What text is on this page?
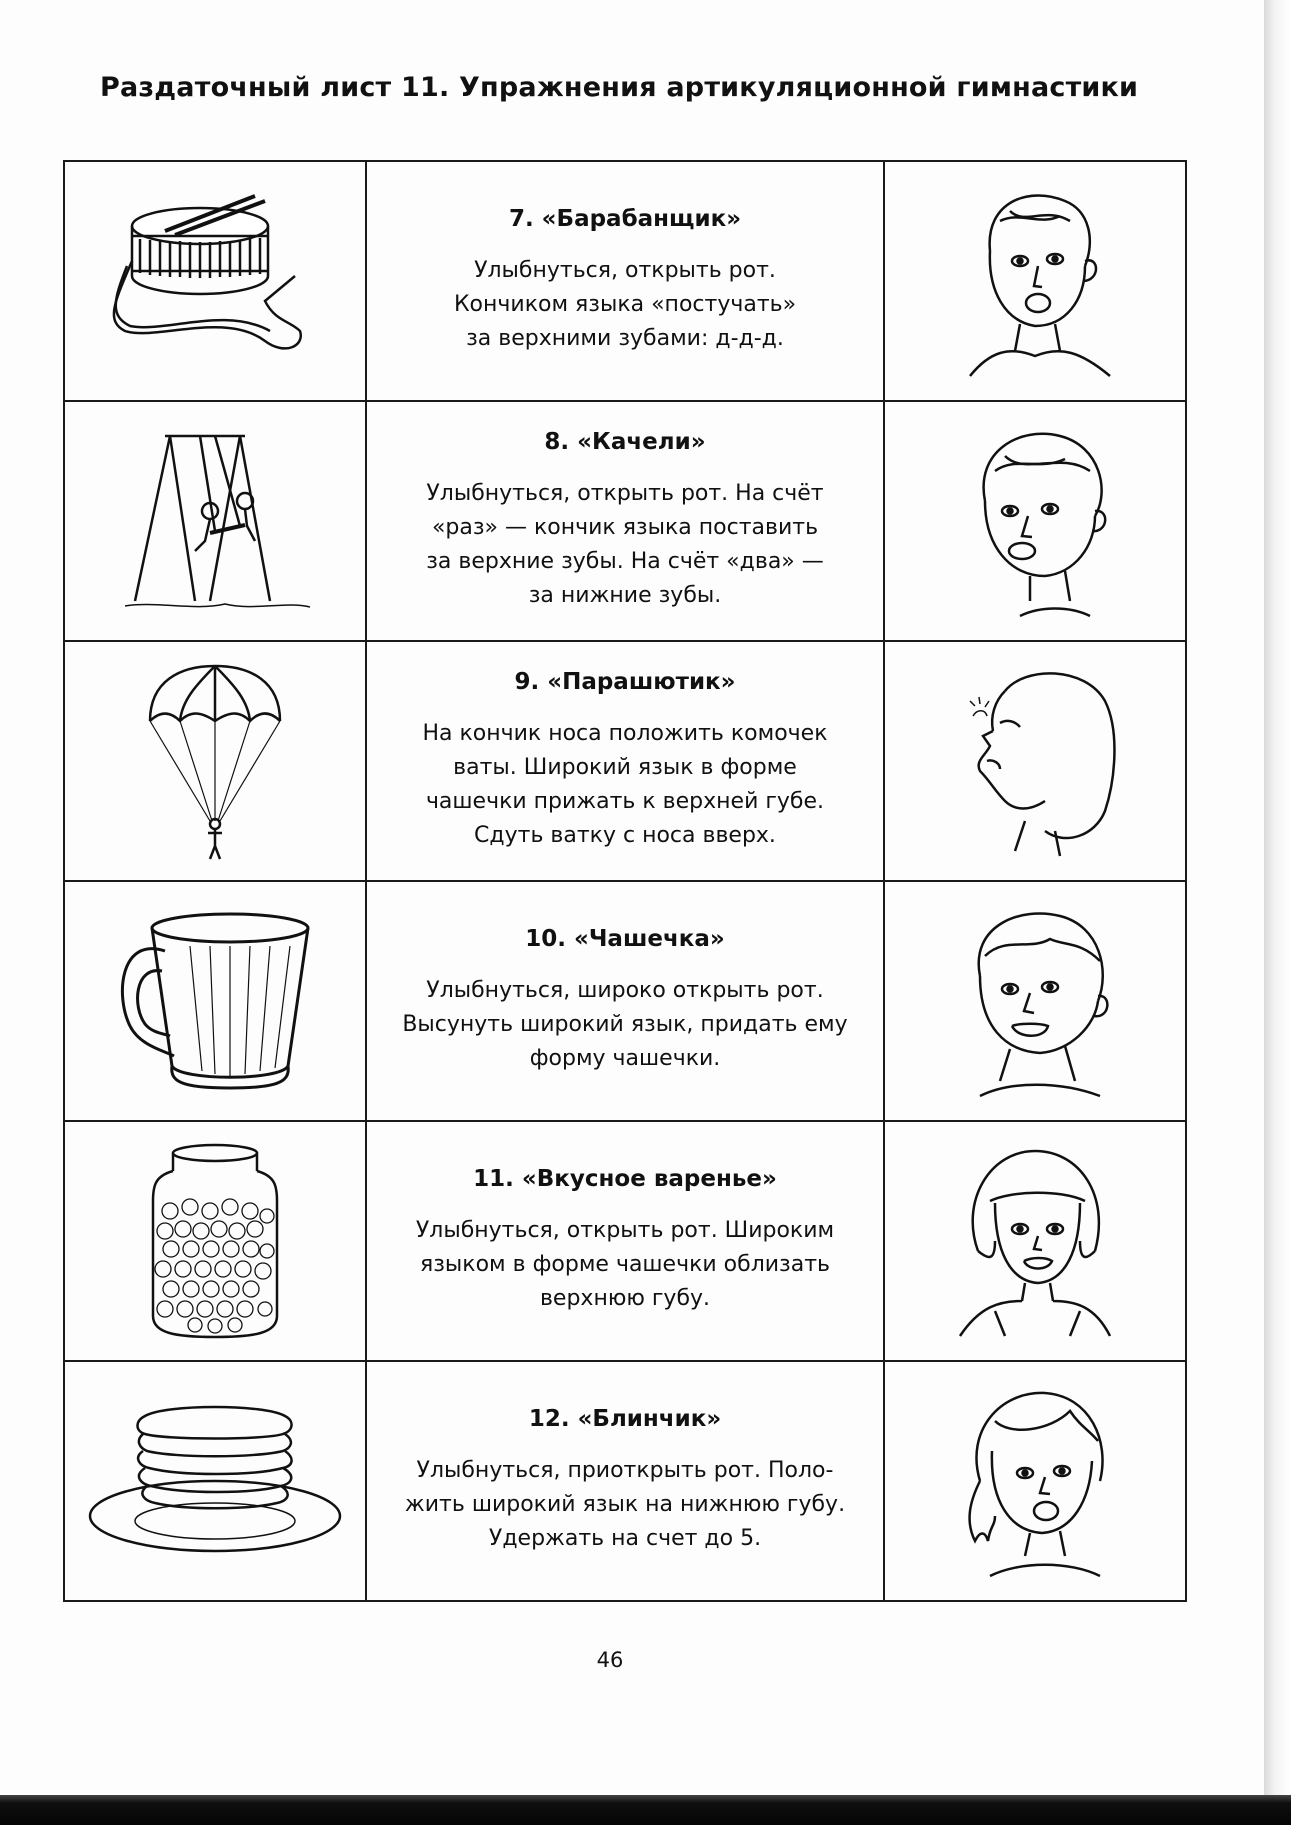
Раздаточный лист 11. Упражнения артикуляционной гимнастики

7. «Барабанщик»

Улыбнуться, открыть рот.
Кончиком языка «постучать»
за верхними зубами: д-д-д.

8. «Качели»

Улыбнуться, открыть рот. На счёт
«раз» — кончик языка поставить
за верхние зубы. На счёт «два» —
за нижние зубы.

9. «Парашютик»

На кончик носа положить комочек
ваты. Широкий язык в форме
чашечки прижать к верхней губе.
Сдуть ватку с носа вверх.

10. «Чашечка»

Улыбнуться, широко открыть рот.
Высунуть широкий язык, придать ему
форму чашечки.

11. «Вкусное варенье»

Улыбнуться, открыть рот. Широким
языком в форме чашечки облизать
верхнюю губу.

12. «Блинчик»

Улыбнуться, приоткрыть рот. Поло-
жить широкий язык на нижнюю губу.
Удержать на счет до 5.

46
